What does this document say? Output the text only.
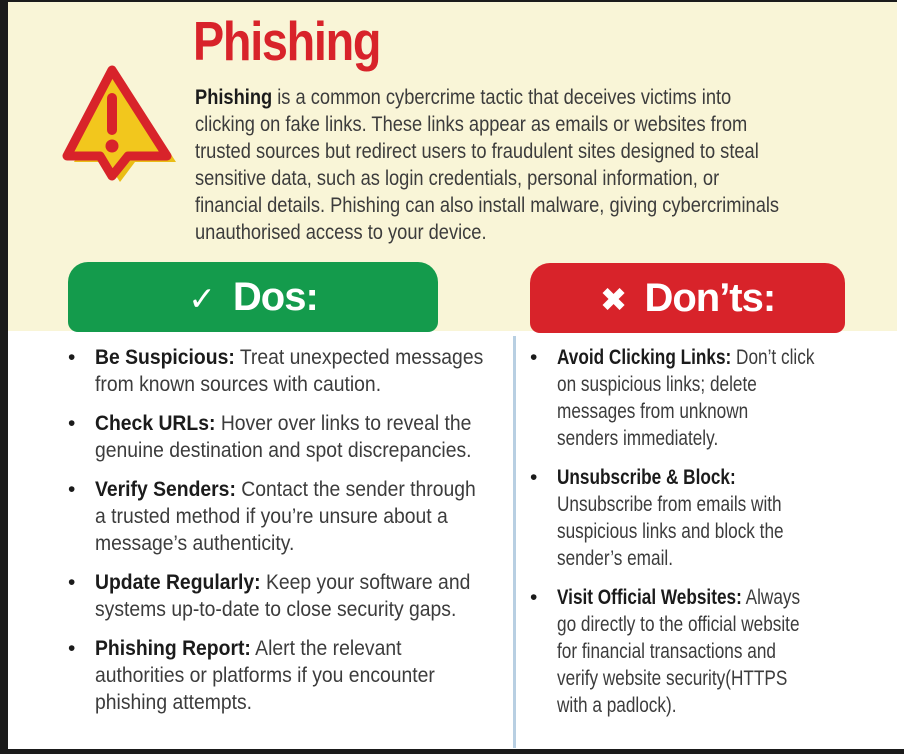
Phishing
Phishing is a common cybercrime tactic that deceives victims into
clicking on fake links. These links appear as emails or websites from
trusted sources but redirect users to fraudulent sites designed to steal
sensitive data, such as login credentials, personal information, or
financial details. Phishing can also install malware, giving cybercriminals
unauthorised access to your device.
✓ Dos:	✖ Don’ts:
• Be Suspicious: Treat unexpected messages
from known sources with caution.
• Check URLs: Hover over links to reveal the
genuine destination and spot discrepancies.
• Verify Senders: Contact the sender through
a trusted method if you’re unsure about a
message’s authenticity.
• Update Regularly: Keep your software and
systems up-to-date to close security gaps.
• Phishing Report: Alert the relevant
authorities or platforms if you encounter
phishing attempts.
• Avoid Clicking Links: Don’t click
on suspicious links; delete
messages from unknown
senders immediately.
• Unsubscribe & Block:
Unsubscribe from emails with
suspicious links and block the
sender’s email.
• Visit Official Websites: Always
go directly to the official website
for financial transactions and
verify website security(HTTPS
with a padlock).
